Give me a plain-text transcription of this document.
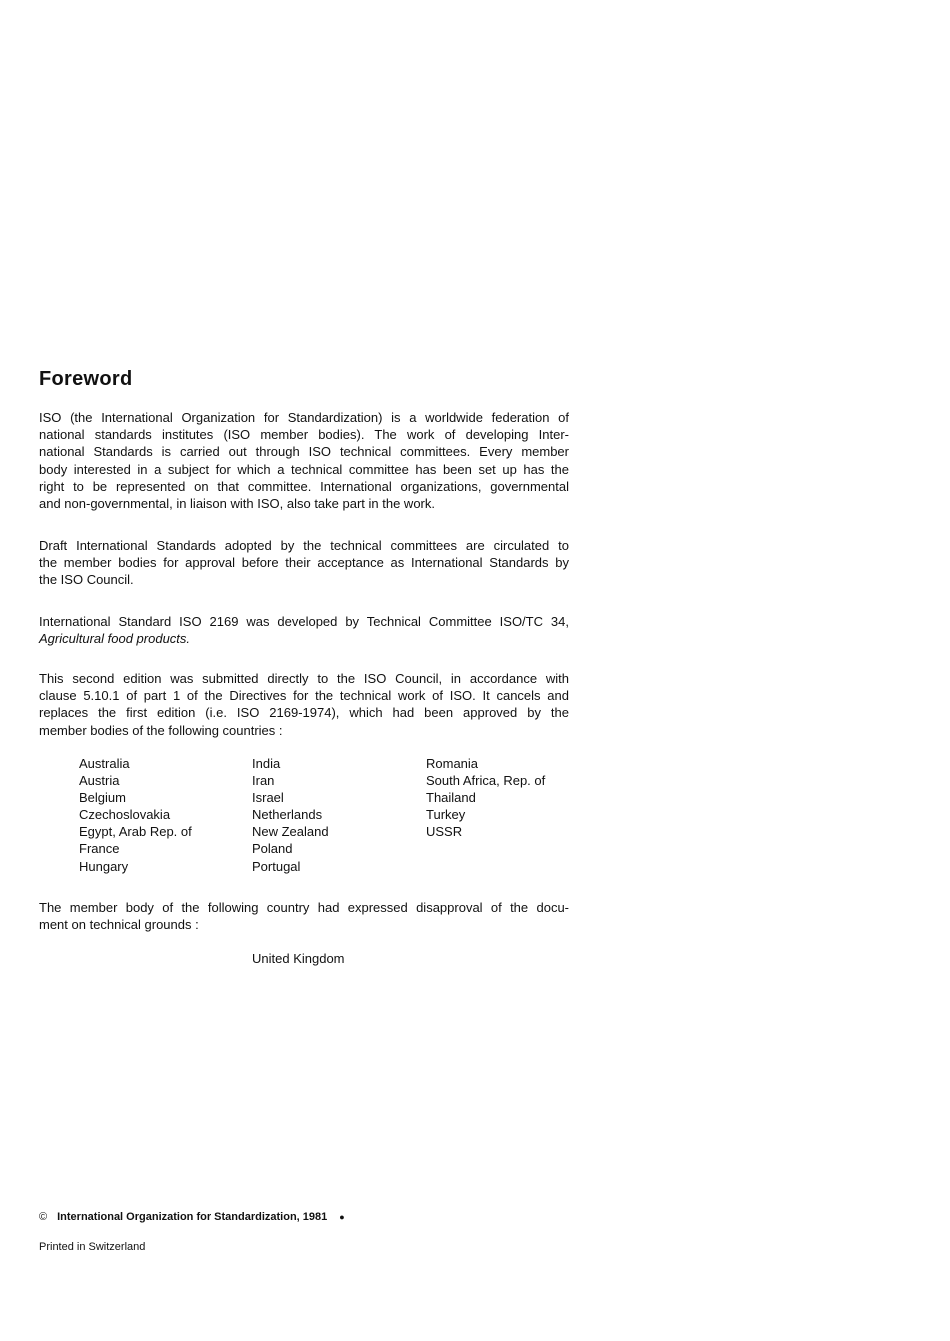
Foreword
ISO (the International Organization for Standardization) is a worldwide federation of
national standards institutes (ISO member bodies). The work of developing Inter-
national Standards is carried out through ISO technical committees. Every member
body interested in a subject for which a technical committee has been set up has the
right to be represented on that committee. International organizations, governmental
and non-governmental, in liaison with ISO, also take part in the work.
Draft International Standards adopted by the technical committees are circulated to
the member bodies for approval before their acceptance as International Standards by
the ISO Council.
International Standard ISO 2169 was developed by Technical Committee ISO/TC 34,
Agricultural food products.
This second edition was submitted directly to the ISO Council, in accordance with
clause 5.10.1 of part 1 of the Directives for the technical work of ISO. It cancels and
replaces the first edition (i.e. ISO 2169-1974), which had been approved by the
member bodies of the following countries :
Australia
Austria
Belgium
Czechoslovakia
Egypt, Arab Rep. of
France
Hungary
India
Iran
Israel
Netherlands
New Zealand
Poland
Portugal
Romania
South Africa, Rep. of
Thailand
Turkey
USSR
The member body of the following country had expressed disapproval of the docu-
ment on technical grounds :
United Kingdom
© International Organization for Standardization, 1981 ●
Printed in Switzerland
